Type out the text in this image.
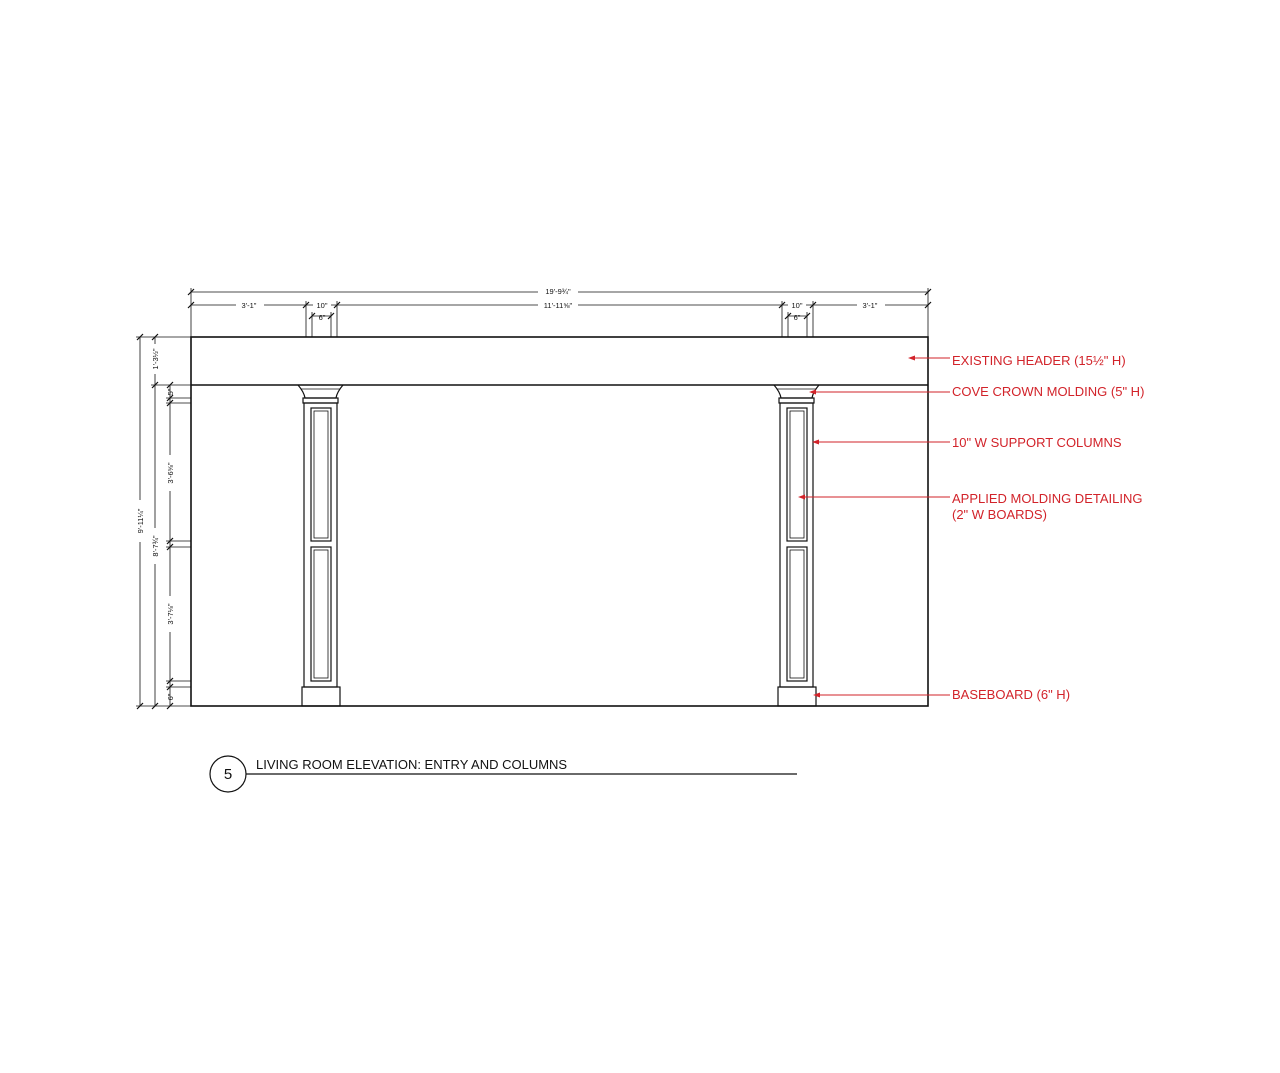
19'-9¾"
3'-1"	10"	11'-11⅝"	10"	3'-1"
6"	6"
9'-11¼"
1'-3½"
8'-7¾"
5"
3'-6⅝"
3'-7⅛"
6"
EXISTING HEADER (15½" H)
COVE CROWN MOLDING (5" H)
10" W SUPPORT COLUMNS
APPLIED MOLDING DETAILING
(2" W BOARDS)
BASEBOARD (6" H)
5
LIVING ROOM ELEVATION: ENTRY AND COLUMNS
